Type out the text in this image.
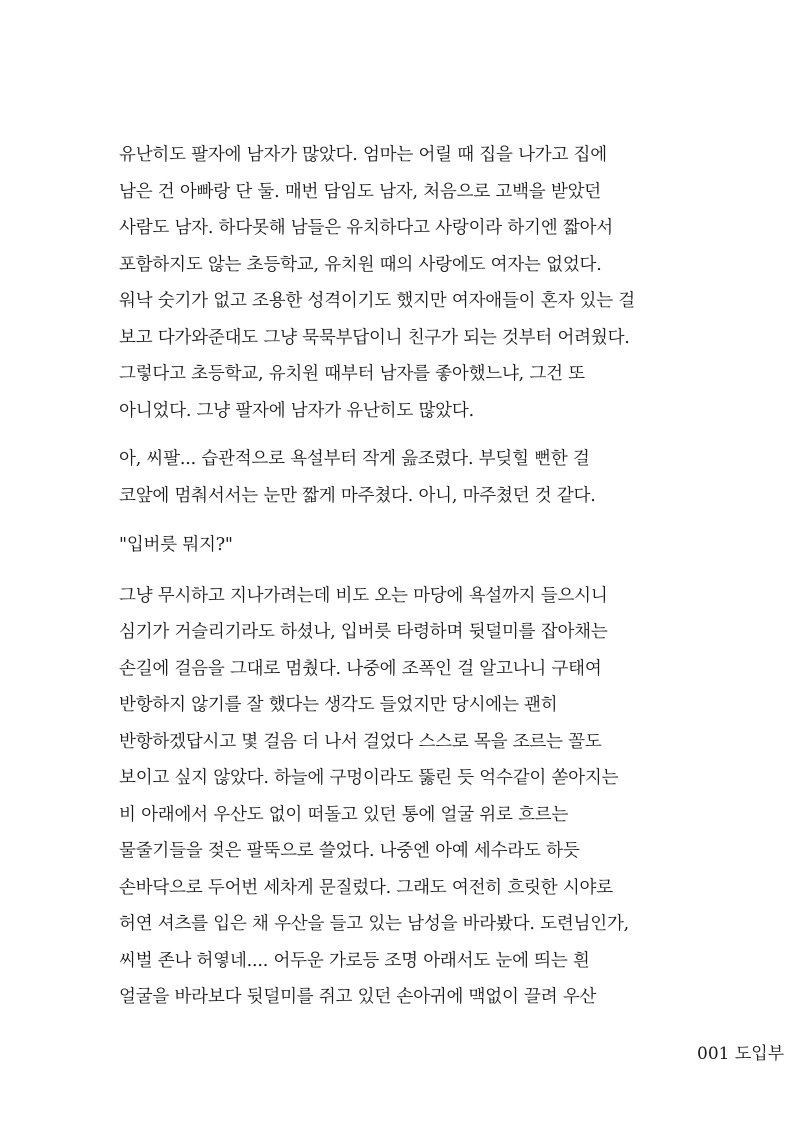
유난히도 팔자에 남자가 많았다. 엄마는 어릴 때 집을 나가고 집에
남은 건 아빠랑 단 둘. 매번 담임도 남자, 처음으로 고백을 받았던
사람도 남자. 하다못해 남들은 유치하다고 사랑이라 하기엔 짧아서
포함하지도 않는 초등학교, 유치원 때의 사랑에도 여자는 없었다.
워낙 숫기가 없고 조용한 성격이기도 했지만 여자애들이 혼자 있는 걸
보고 다가와준대도 그냥 묵묵부답이니 친구가 되는 것부터 어려웠다.
그렇다고 초등학교, 유치원 때부터 남자를 좋아했느냐, 그건 또
아니었다. 그냥 팔자에 남자가 유난히도 많았다.
아, 씨팔... 습관적으로 욕설부터 작게 읊조렸다. 부딪힐 뻔한 걸
코앞에 멈춰서서는 눈만 짧게 마주쳤다. 아니, 마주쳤던 것 같다.
"입버릇 뭐지?"
그냥 무시하고 지나가려는데 비도 오는 마당에 욕설까지 들으시니
심기가 거슬리기라도 하셨나, 입버릇 타령하며 뒷덜미를 잡아채는
손길에 걸음을 그대로 멈췄다. 나중에 조폭인 걸 알고나니 구태여
반항하지 않기를 잘 했다는 생각도 들었지만 당시에는 괜히
반항하겠답시고 몇 걸음 더 나서 걸었다 스스로 목을 조르는 꼴도
보이고 싶지 않았다. 하늘에 구멍이라도 뚫린 듯 억수같이 쏟아지는
비 아래에서 우산도 없이 떠돌고 있던 통에 얼굴 위로 흐르는
물줄기들을 젖은 팔뚝으로 쓸었다. 나중엔 아예 세수라도 하듯
손바닥으로 두어번 세차게 문질렀다. 그래도 여전히 흐릿한 시야로
허연 셔츠를 입은 채 우산을 들고 있는 남성을 바라봤다. 도련님인가,
씨벌 존나 허옇네.... 어두운 가로등 조명 아래서도 눈에 띄는 흰
얼굴을 바라보다 뒷덜미를 쥐고 있던 손아귀에 맥없이 끌려 우산
001 도입부
